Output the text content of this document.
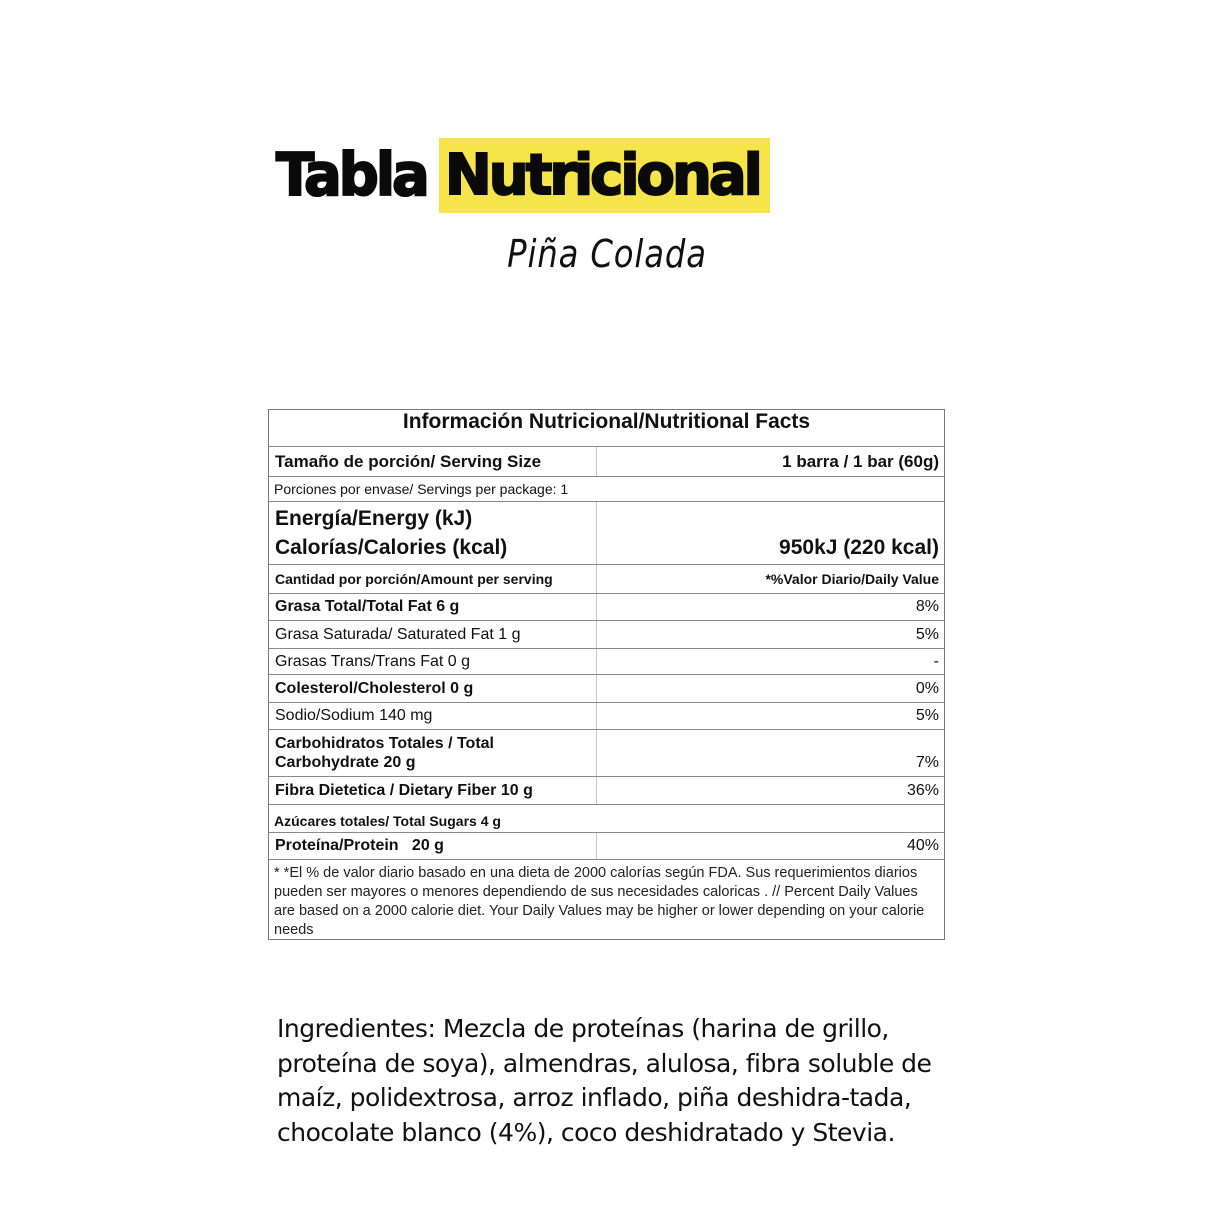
Tabla Nutricional
Piña Colada
Información Nutricional/Nutritional Facts
Tamaño de porción/ Serving Size	1 barra / 1 bar (60g)
Porciones por envase/ Servings per package: 1
Energía/Energy (kJ)
Calorías/Calories (kcal)	950kJ (220 kcal)
Cantidad por porción/Amount per serving	*%Valor Diario/Daily Value
Grasa Total/Total Fat 6 g	8%
Grasa Saturada/ Saturated Fat 1 g	5%
Grasas Trans/Trans Fat 0 g	-
Colesterol/Cholesterol 0 g	0%
Sodio/Sodium 140 mg	5%
Carbohidratos Totales / Total
Carbohydrate 20 g	7%
Fibra Dietetica / Dietary Fiber 10 g	36%
Azúcares totales/ Total Sugars 4 g
Proteína/Protein   20 g	40%
* *El % de valor diario basado en una dieta de 2000 calorías según FDA. Sus requerimientos diarios pueden ser mayores o menores dependiendo de sus necesidades caloricas . // Percent Daily Values are based on a 2000 calorie diet. Your Daily Values may be higher or lower depending on your calorie needs
Ingredientes: Mezcla de proteínas (harina de grillo, proteína de soya), almendras, alulosa, fibra soluble de maíz, polidextrosa, arroz inflado, piña deshidra-tada, chocolate blanco (4%), coco deshidratado y Stevia.
